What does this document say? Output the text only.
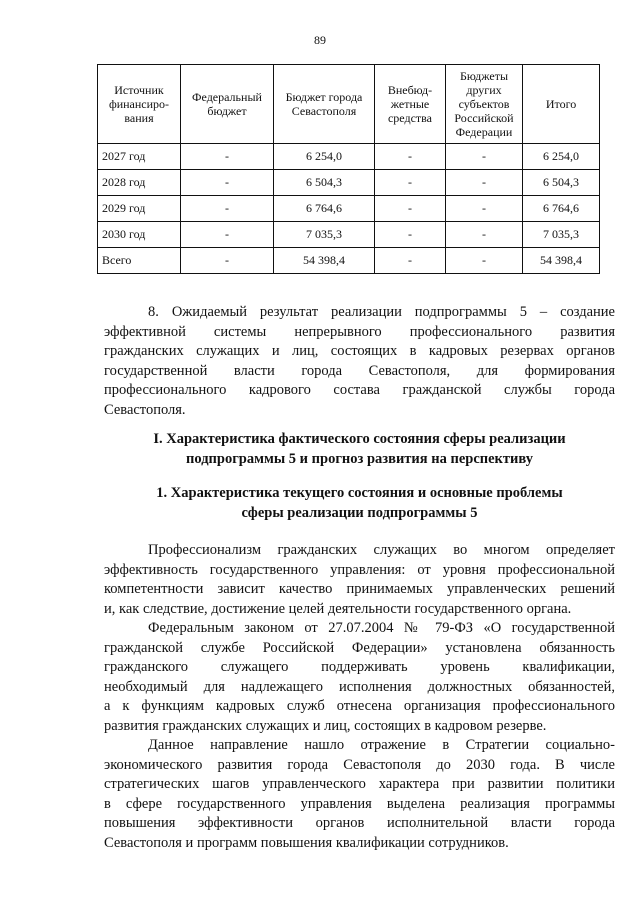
89
Источник финансиро-вания	Федеральный бюджет	Бюджет города Севастополя	Внебюд-жетные средства	Бюджеты других субъектов Российской Федерации	Итого
2027 год	-	6 254,0	-	-	6 254,0
2028 год	-	6 504,3	-	-	6 504,3
2029 год	-	6 764,6	-	-	6 764,6
2030 год	-	7 035,3	-	-	7 035,3
Всего	-	54 398,4	-	-	54 398,4
8. Ожидаемый результат реализации подпрограммы 5 – создание
эффективной системы непрерывного профессионального развития
гражданских служащих и лиц, состоящих в кадровых резервах органов
государственной власти города Севастополя, для формирования
профессионального кадрового состава гражданской службы города
Севастополя.
I. Характеристика фактического состояния сферы реализации
подпрограммы 5 и прогноз развития на перспективу
1. Характеристика текущего состояния и основные проблемы
сферы реализации подпрограммы 5
Профессионализм гражданских служащих во многом определяет
эффективность государственного управления: от уровня профессиональной
компетентности зависит качество принимаемых управленческих решений
и, как следствие, достижение целей деятельности государственного органа.
Федеральным законом от 27.07.2004 № 79-ФЗ «О государственной
гражданской службе Российской Федерации» установлена обязанность
гражданского служащего поддерживать уровень квалификации,
необходимый для надлежащего исполнения должностных обязанностей,
а к функциям кадровых служб отнесена организация профессионального
развития гражданских служащих и лиц, состоящих в кадровом резерве.
Данное направление нашло отражение в Стратегии социально-
экономического развития города Севастополя до 2030 года. В числе
стратегических шагов управленческого характера при развитии политики
в сфере государственного управления выделена реализация программы
повышения эффективности органов исполнительной власти города
Севастополя и программ повышения квалификации сотрудников.
